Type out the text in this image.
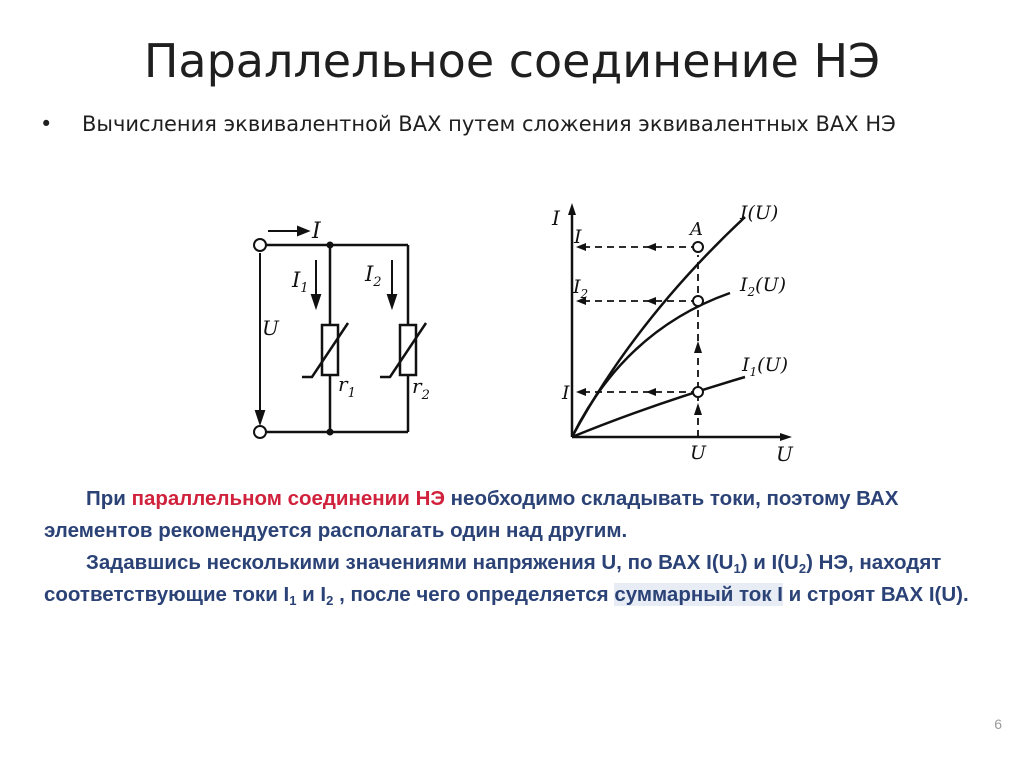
Параллельное соединение НЭ
• Вычисления эквивалентной ВАХ путем сложения эквивалентных ВАХ НЭ
I
U
$I_1$
$I_2$
$r_1$	$r_2$
I
I
$I_2$
I
U	U
A
I(U)
$I_2(U)$
$I_1(U)$

При параллельном соединении НЭ необходимо складывать токи, поэтому ВАХ элементов рекомендуется располагать один над другим.

Задавшись несколькими значениями напряжения U, по ВАХ $I(U_1)$ и $I(U_2)$ НЭ, находят соответствующие токи $I_1$ и $I_2$ , после чего определяется суммарный ток I и строят ВАХ I(U).

6
